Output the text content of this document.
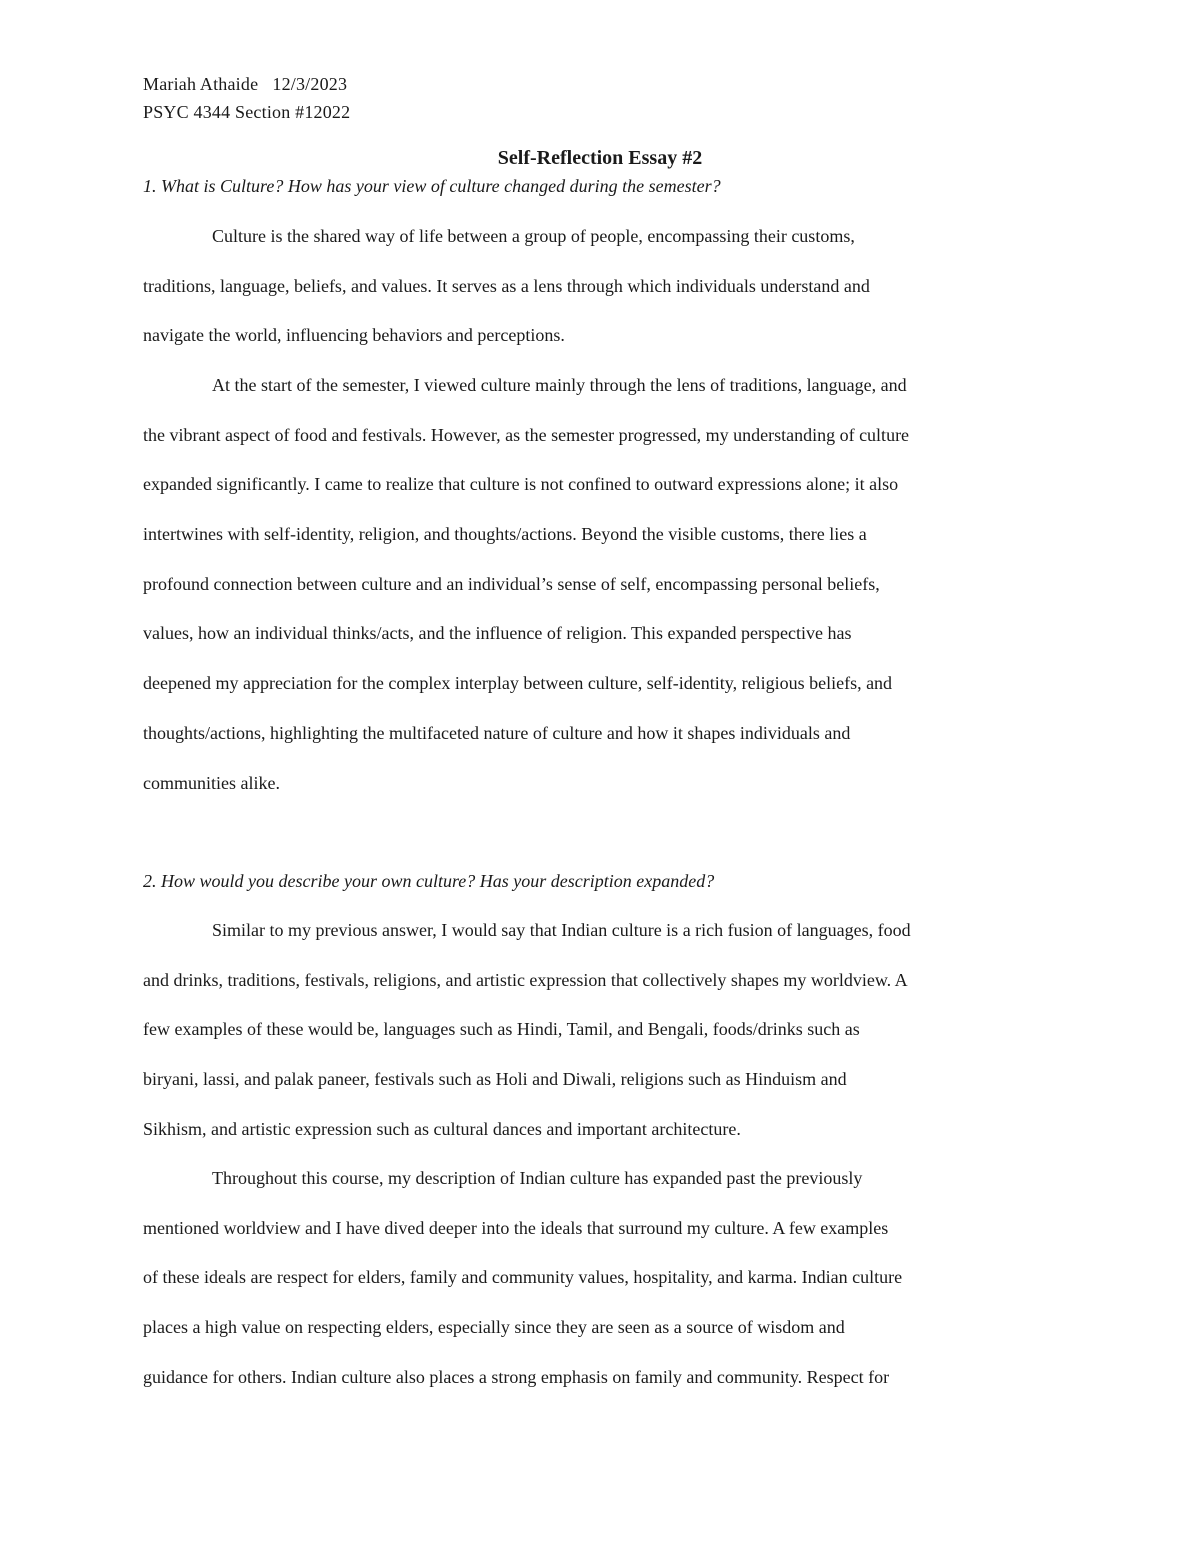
Mariah Athaide   12/3/2023
PSYC 4344 Section #12022
Self-Reflection Essay #2
1. What is Culture? How has your view of culture changed during the semester?
Culture is the shared way of life between a group of people, encompassing their customs,
traditions, language, beliefs, and values. It serves as a lens through which individuals understand and
navigate the world, influencing behaviors and perceptions.
At the start of the semester, I viewed culture mainly through the lens of traditions, language, and
the vibrant aspect of food and festivals. However, as the semester progressed, my understanding of culture
expanded significantly. I came to realize that culture is not confined to outward expressions alone; it also
intertwines with self-identity, religion, and thoughts/actions. Beyond the visible customs, there lies a
profound connection between culture and an individual’s sense of self, encompassing personal beliefs,
values, how an individual thinks/acts, and the influence of religion. This expanded perspective has
deepened my appreciation for the complex interplay between culture, self-identity, religious beliefs, and
thoughts/actions, highlighting the multifaceted nature of culture and how it shapes individuals and
communities alike.
2. How would you describe your own culture? Has your description expanded?
Similar to my previous answer, I would say that Indian culture is a rich fusion of languages, food
and drinks, traditions, festivals, religions, and artistic expression that collectively shapes my worldview. A
few examples of these would be, languages such as Hindi, Tamil, and Bengali, foods/drinks such as
biryani, lassi, and palak paneer, festivals such as Holi and Diwali, religions such as Hinduism and
Sikhism, and artistic expression such as cultural dances and important architecture.
Throughout this course, my description of Indian culture has expanded past the previously
mentioned worldview and I have dived deeper into the ideals that surround my culture. A few examples
of these ideals are respect for elders, family and community values, hospitality, and karma. Indian culture
places a high value on respecting elders, especially since they are seen as a source of wisdom and
guidance for others. Indian culture also places a strong emphasis on family and community. Respect for
